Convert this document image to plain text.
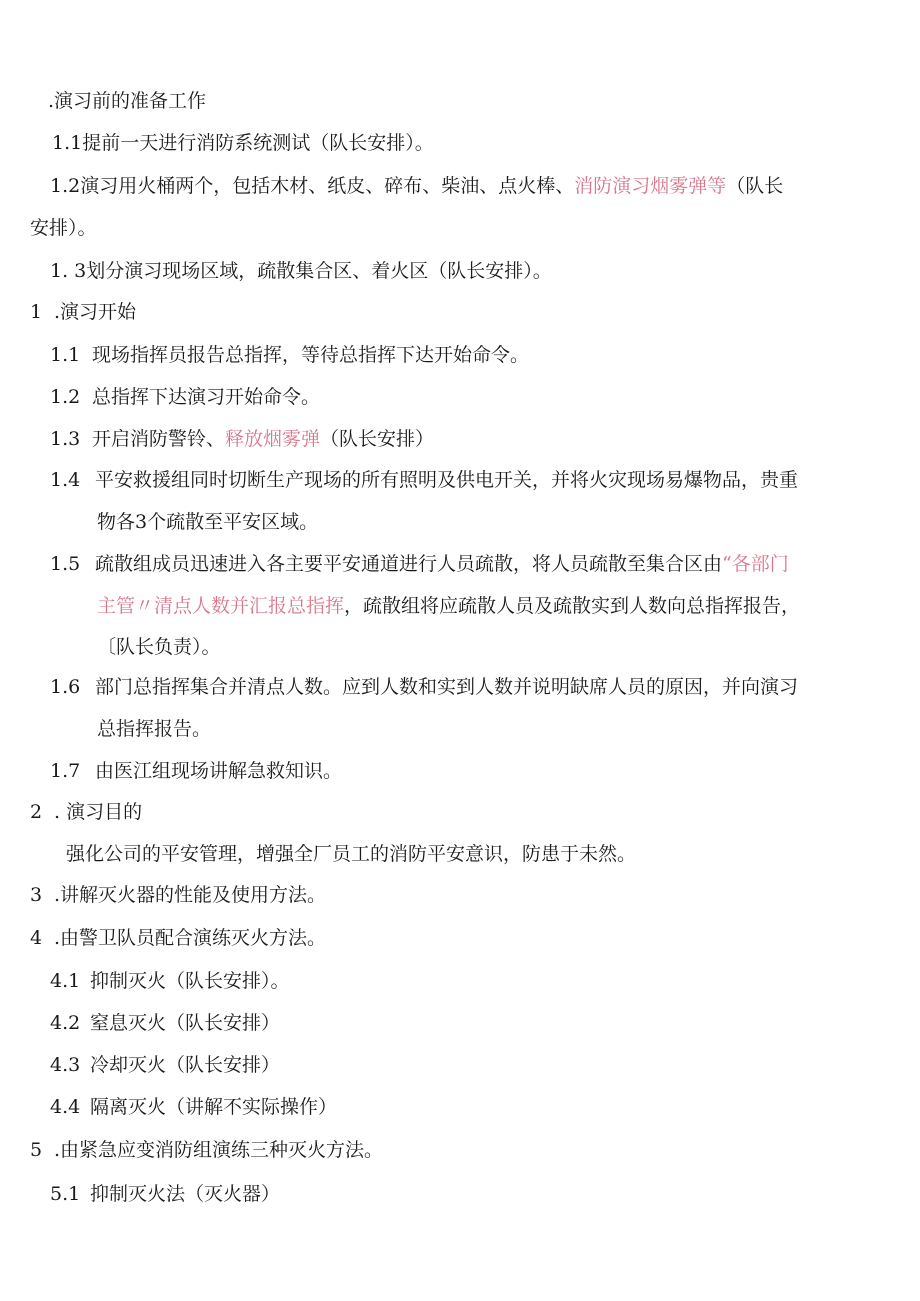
.演习前的准备工作
1.1提前一天进行消防系统测试（队长安排）。
1.2演习用火桶两个，包括木材、纸皮、碎布、柴油、点火棒、消防演习烟雾弹等（队长
安排）。
1. 3划分演习现场区域，疏散集合区、着火区（队长安排）。
1 .演习开始
1.1 现场指挥员报告总指挥，等待总指挥下达开始命令。
1.2 总指挥下达演习开始命令。
1.3 开启消防警铃、释放烟雾弹（队长安排）
1.4 平安救援组同时切断生产现场的所有照明及供电开关，并将火灾现场易爆物品，贵重
物各3个疏散至平安区域。
1.5 疏散组成员迅速进入各主要平安通道进行人员疏散，将人员疏散至集合区由“各部门
主管〃清点人数并汇报总指挥，疏散组将应疏散人员及疏散实到人数向总指挥报告，
〔队长负责）。
1.6 部门总指挥集合并清点人数。应到人数和实到人数并说明缺席人员的原因，并向演习
总指挥报告。
1.7 由医江组现场讲解急救知识。
2 . 演习目的
强化公司的平安管理，增强全厂员工的消防平安意识，防患于未然。
3 .讲解灭火器的性能及使用方法。
4 .由警卫队员配合演练灭火方法。
4.1 抑制灭火（队长安排）。
4.2 窒息灭火（队长安排）
4.3 冷却灭火（队长安排）
4.4 隔离灭火（讲解不实际操作）
5 .由紧急应变消防组演练三种灭火方法。
5.1 抑制灭火法（灭火器）
